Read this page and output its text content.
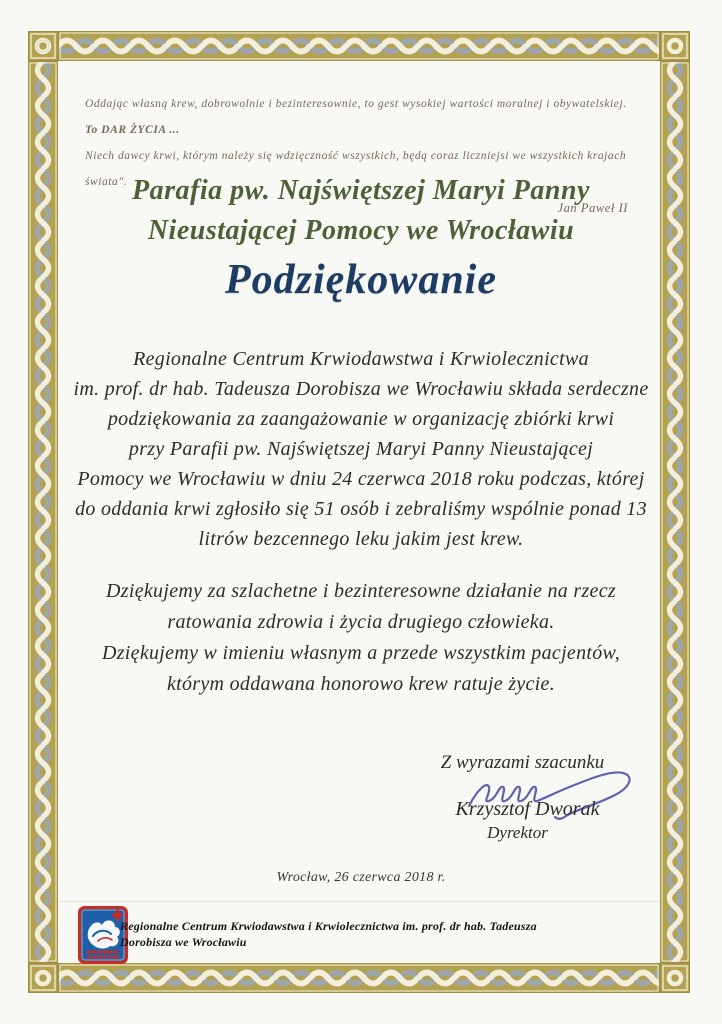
Oddając własną krew, dobrowolnie i bezinteresownie, to gest wysokiej wartości moralnej i obywatelskiej. To DAR ŻYCIA ...
Niech dawcy krwi, którym należy się wdzięczność wszystkich, będą coraz liczniejsi we wszystkich krajach świata".
Jan Paweł II
Parafia pw. Najświętszej Maryi Panny
Nieustającej Pomocy we Wrocławiu
Podziękowanie
Regionalne Centrum Krwiodawstwa i Krwiolecznictwa
im. prof. dr hab. Tadeusza Dorobisza we Wrocławiu składa serdeczne
podziękowania za zaangażowanie w organizację zbiórki krwi
przy Parafii pw. Najświętszej Maryi Panny Nieustającej
Pomocy we Wrocławiu w dniu 24 czerwca 2018 roku podczas, której
do oddania krwi zgłosiło się 51 osób i zebraliśmy wspólnie ponad 13
litrów bezcennego leku jakim jest krew.
Dziękujemy za szlachetne i bezinteresowne działanie na rzecz
ratowania zdrowia i życia drugiego człowieka.
Dziękujemy w imieniu własnym a przede wszystkim pacjentów,
którym oddawana honorowo krew ratuje życie.
Z wyrazami szacunku
Krzysztof Dworak
Dyrektor
Wrocław, 26 czerwca 2018 r.
Regionalne Centrum Krwiodawstwa i Krwiolecznictwa im. prof. dr hab. Tadeusza Dorobisza we Wrocławiu
